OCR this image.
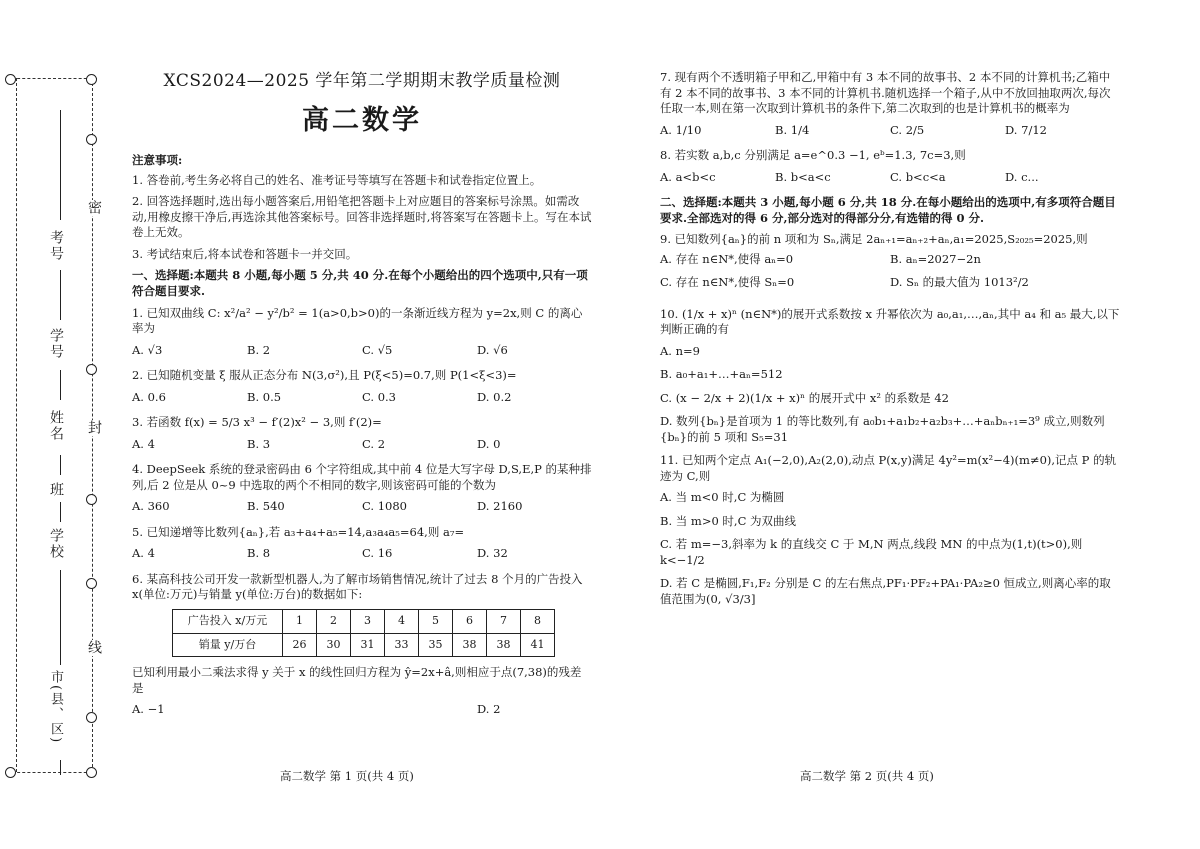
考号
学号
姓名
班
学校
市(县、区)
密
封
线
XCS2024—2025 学年第二学期期末教学质量检测
高二数学
注意事项:
1. 答卷前,考生务必将自己的姓名、准考证号等填写在答题卡和试卷指定位置上。
2. 回答选择题时,选出每小题答案后,用铅笔把答题卡上对应题目的答案标号涂黑。如需改动,用橡皮擦干净后,再选涂其他答案标号。回答非选择题时,将答案写在答题卡上。写在本试卷上无效。
3. 考试结束后,将本试卷和答题卡一并交回。
一、选择题:本题共 8 小题,每小题 5 分,共 40 分.在每个小题给出的四个选项中,只有一项符合题目要求.
1. 已知双曲线 C: x²/a² − y²/b² = 1(a>0,b>0)的一条渐近线方程为 y=2x,则 C 的离心率为
A. √3	B. 2	C. √5	D. √6
2. 已知随机变量 ξ 服从正态分布 N(3,σ²),且 P(ξ<5)=0.7,则 P(1<ξ<3)=
A. 0.6	B. 0.5	C. 0.3	D. 0.2
3. 若函数 f(x) = 5/3 x³ − f′(2)x² − 3,则 f′(2)=
A. 4	B. 3	C. 2	D. 0
4. DeepSeek 系统的登录密码由 6 个字符组成,其中前 4 位是大写字母 D,S,E,P 的某种排列,后 2 位是从 0~9 中选取的两个不相同的数字,则该密码可能的个数为
A. 360	B. 540	C. 1080	D. 2160
5. 已知递增等比数列{aₙ},若 a₃+a₄+a₅=14,a₃a₄a₅=64,则 a₇=
A. 4	B. 8	C. 16	D. 32
6. 某高科技公司开发一款新型机器人,为了解市场销售情况,统计了过去 8 个月的广告投入 x(单位:万元)与销量 y(单位:万台)的数据如下:
广告投入 x/万元	1	2	3	4	5	6	7	8
销量 y/万台	26	30	31	33	35	38	38	41
已知利用最小二乘法求得 y 关于 x 的线性回归方程为 ŷ=2x+â,则相应于点(7,38)的残差是
A. −1	D. 2
7. 现有两个不透明箱子甲和乙,甲箱中有 3 本不同的故事书、2 本不同的计算机书;乙箱中有 2 本不同的故事书、3 本不同的计算机书.随机选择一个箱子,从中不放回抽取两次,每次任取一本,则在第一次取到计算机书的条件下,第二次取到的也是计算机书的概率为
A. 1/10	B. 1/4	C. 2/5	D. 7/12
8. 若实数 a,b,c 分别满足 a=e^0.3 −1, eᵇ=1.3, 7c=3,则
A. a<b<c	B. b<a<c	C. b<c<a	D. c...
二、选择题:本题共 3 小题,每小题 6 分,共 18 分.在每小题给出的选项中,有多项符合题目要求.全部选对的得 6 分,部分选对的得部分分,有选错的得 0 分.
9. 已知数列{aₙ}的前 n 项和为 Sₙ,满足 2aₙ₊₁=aₙ₊₂+aₙ,a₁=2025,S₂₀₂₅=2025,则
A. 存在 n∈N*,使得 aₙ=0	B. aₙ=2027−2n
C. 存在 n∈N*,使得 Sₙ=0	D. Sₙ 的最大值为 1013²/2
10. (1/x + x)ⁿ (n∈N*)的展开式系数按 x 升幂依次为 a₀,a₁,…,aₙ,其中 a₄ 和 a₅ 最大,以下判断正确的有
A. n=9
B. a₀+a₁+…+aₙ=512
C. (x − 2/x + 2)(1/x + x)ⁿ 的展开式中 x² 的系数是 42
D. 数列{bₙ}是首项为 1 的等比数列,有 a₀b₁+a₁b₂+a₂b₃+…+aₙbₙ₊₁=3⁹ 成立,则数列{bₙ}的前 5 项和 S₅=31
11. 已知两个定点 A₁(−2,0),A₂(2,0),动点 P(x,y)满足 4y²=m(x²−4)(m≠0),记点 P 的轨迹为 C,则
A. 当 m<0 时,C 为椭圆
B. 当 m>0 时,C 为双曲线
C. 若 m=−3,斜率为 k 的直线交 C 于 M,N 两点,线段 MN 的中点为(1,t)(t>0),则 k<−1/2
D. 若 C 是椭圆,F₁,F₂ 分别是 C 的左右焦点,PF₁·PF₂+PA₁·PA₂≥0 恒成立,则离心率的取值范围为(0, √3/3]
高二数学 第 1 页(共 4 页)	高二数学 第 2 页(共 4 页)
